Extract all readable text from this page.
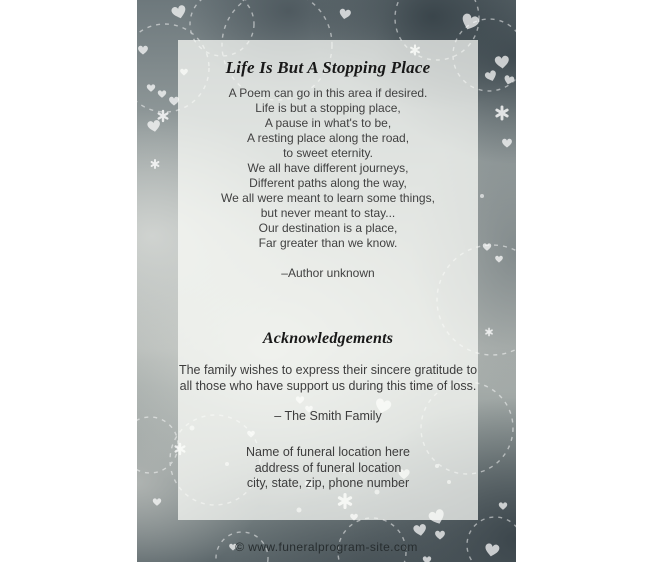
Life Is But A Stopping Place
A Poem can go in this area if desired.
Life is but a stopping place,
A pause in what's to be,
A resting place along the road,
to sweet eternity.
We all have different journeys,
Different paths along the way,
We all were meant to learn some things,
but never meant to stay...
Our destination is a place,
Far greater than we know.
–Author unknown
Acknowledgements
The family wishes to express their sincere gratitude to
all those who have support us during this time of loss.
– The Smith Family
Name of funeral location here
address of funeral location
city, state, zip, phone number
© www.funeralprogram-site.com
